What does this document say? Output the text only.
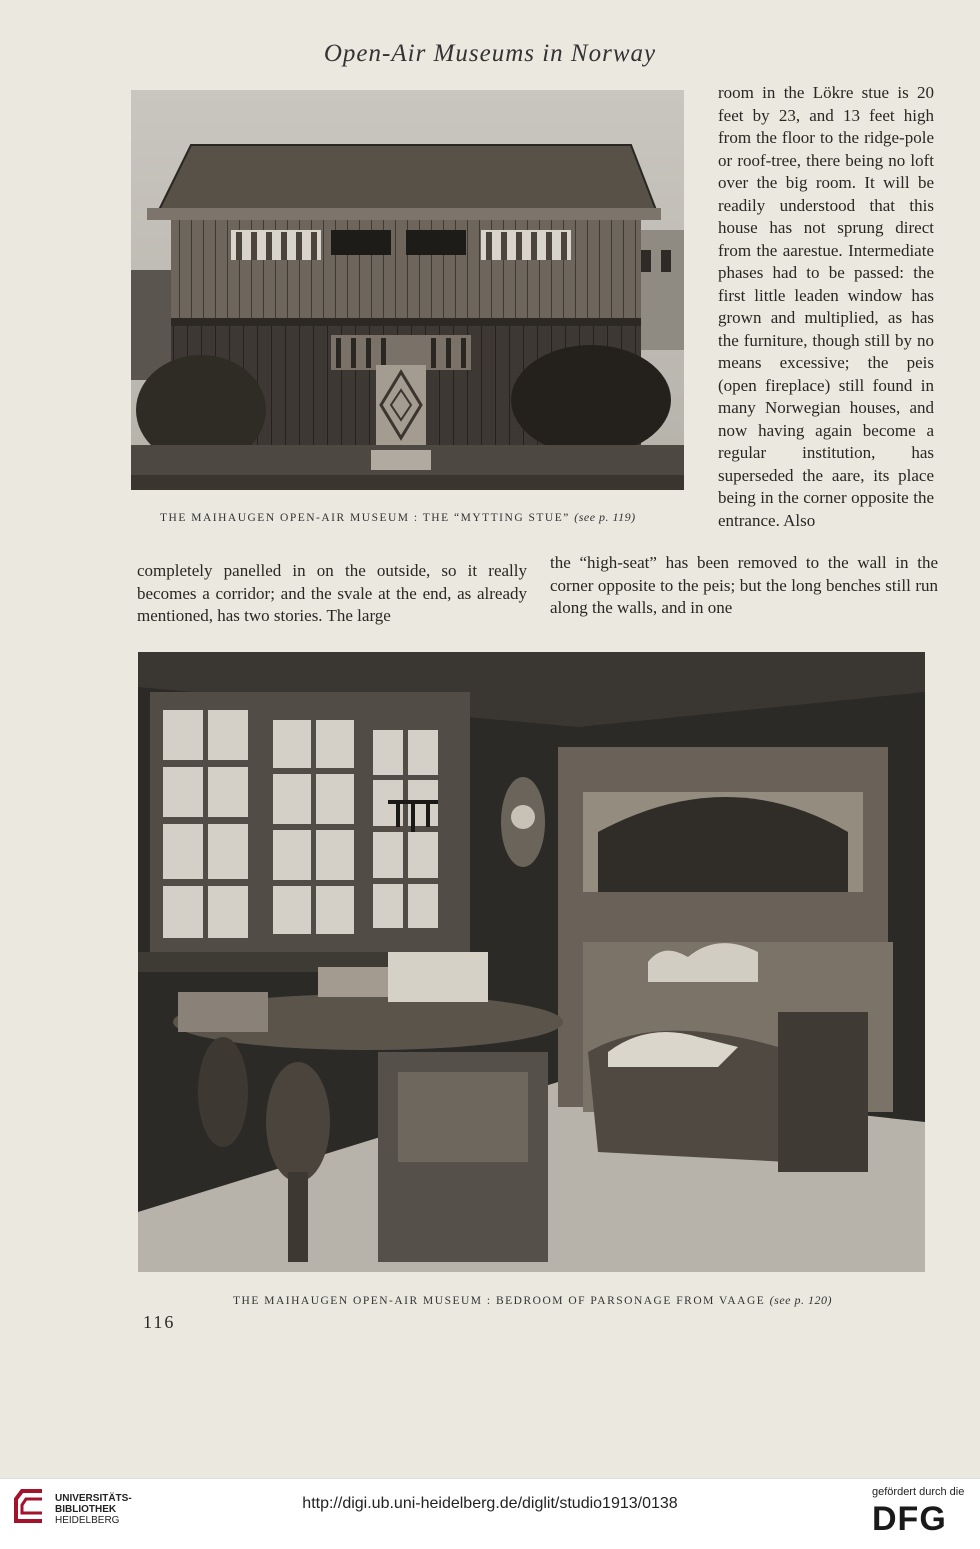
Open-Air Museums in Norway
THE MAIHAUGEN OPEN-AIR MUSEUM : THE “MYTTING STUE” (see p. 119)

room in the Lökre stue is 20 feet by 23, and 13 feet high from the floor to the ridge-pole or roof-tree, there being no loft over the big room. It will be readily understood that this house has not sprung direct from the aarestue. Intermediate phases had to be passed: the first little leaden window has grown and multiplied, as has the furniture, though still by no means excessive; the peis (open fireplace) still found in many Norwegian houses, and now having again become a regular institution, has superseded the aare, its place being in the corner opposite the entrance. Also

completely panelled in on the outside, so it really becomes a corridor; and the svale at the end, as already mentioned, has two stories. The large

the “high-seat” has been removed to the wall in the corner opposite to the peis; but the long benches still run along the walls, and in one

THE MAIHAUGEN OPEN-AIR MUSEUM : BEDROOM OF PARSONAGE FROM VAAGE (see p. 120)
116
UNIVERSITÄTS-
BIBLIOTHEK
HEIDELBERG
http://digi.ub.uni-heidelberg.de/diglit/studio1913/0138
gefördert durch die
DFG
